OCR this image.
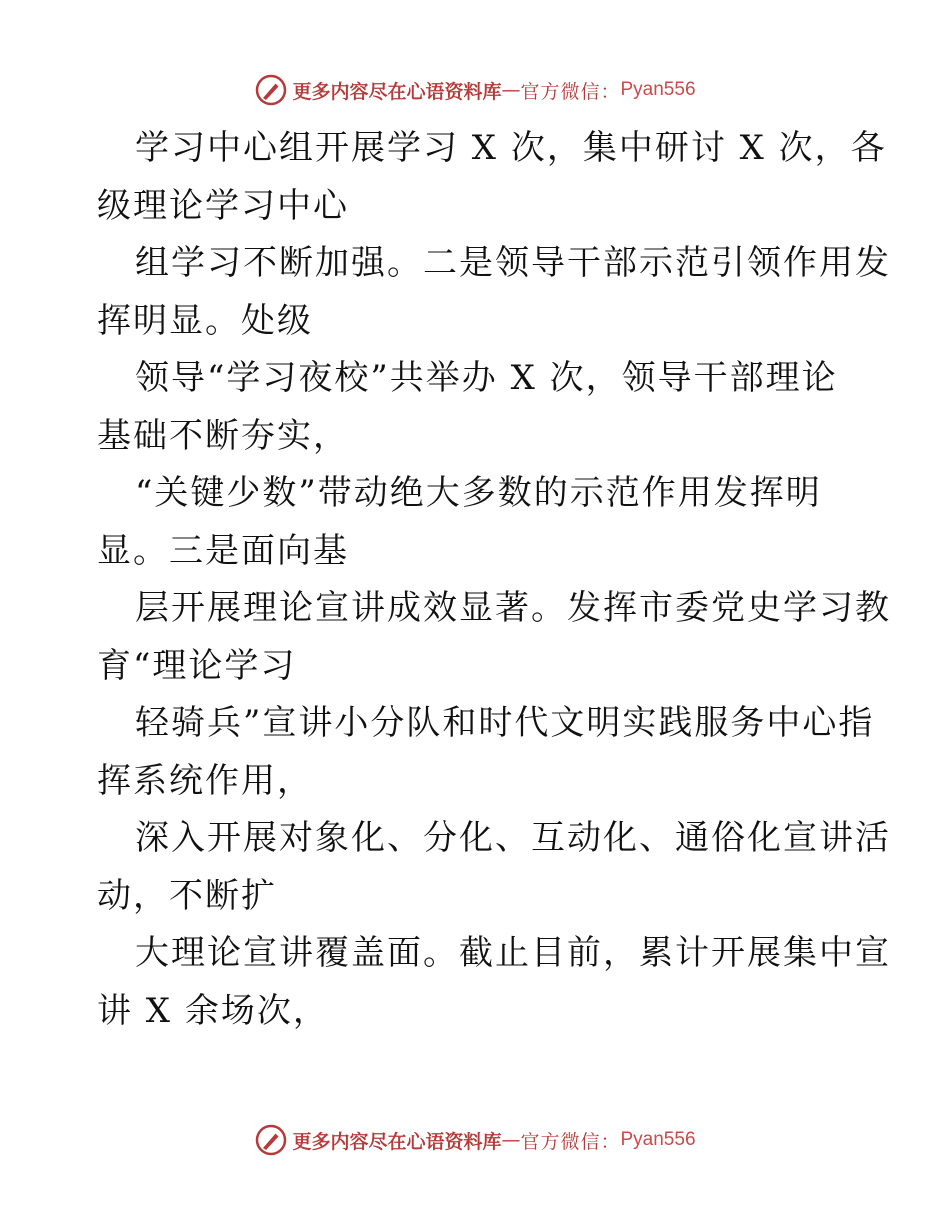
更多内容尽在心语资料库 — 官方微信： Pyan556
学习中心组开展学习 X 次，集中研讨 X 次，各
级理论学习中心
组学习不断加强。二是领导干部示范引领作用发
挥明显。处级
领导“学习夜校”共举办 X 次，领导干部理论
基础不断夯实，
“关键少数”带动绝大多数的示范作用发挥明
显。三是面向基
层开展理论宣讲成效显著。发挥市委党史学习教
育“理论学习
轻骑兵”宣讲小分队和时代文明实践服务中心指
挥系统作用，
深入开展对象化、分化、互动化、通俗化宣讲活
动，不断扩
大理论宣讲覆盖面。截止目前，累计开展集中宣
讲 X 余场次，
更多内容尽在心语资料库 — 官方微信： Pyan556
